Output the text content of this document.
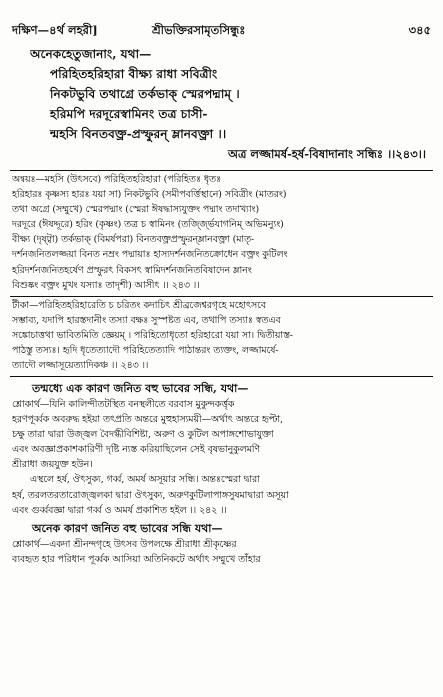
দক্ষিণ—৪র্থ লহরী]	শ্রীভক্তিরসামৃতসিন্ধুঃ	৩৪৫
অনেকহেতুজানাং, যথা—
পরিহিতহরিহারা বীক্ষ্য রাধা সবিত্রীং
নিকটভুবি তথাগ্রে তর্কভাক্ স্মেরপদ্মাম্ ।
হরিমপি দরদূরেস্বামিনং তত্র চাসী-
ন্মহসি বিনতবক্ত্র-প্রস্ফুরন্ ম্লানবক্ত্রা ।।
অত্র লজ্জামর্ষ-হর্ষ-বিষাদানাং সন্ধিঃ ।।২৪৩।।
অন্বয়ঃ—মহসি (উৎসবে) পরিহিতহরিহারা (পরিহিতঃ ধৃতঃ
হরিহারঃ কৃষ্ণস্য হারঃ যয়া সা) নিকটভুবি (সমীপবর্ত্তিস্থানে) সবিত্রীং (মাতরং)
তথা অগ্রে (সম্মুখে) স্মেরপদ্মাং (স্মেরা ঈষদ্ধাস্যযুক্তং পদ্মাং তদাখ্যাং)
দরদূরে (ঈষদ্দূরে) হরিং (কৃষ্ণং) তত্র চ স্বামিনং (তর্জ্জ্ভিযাগনিম্ অভিমন্যুং)
বীক্ষ্য (দৃষ্ট্বা) তর্কভাক্ (বিমর্ষপরা) বিনতবক্ত্রপ্রস্ফুরন্‌ম্লানবক্ত্রা (মাতৃ-
দর্শনজনিতলজ্জয়া বিনত নম্রং পদ্মায়াঃ হাস্যদর্শনজনিতক্রোধেন বক্ত্রং কুটিলং
হরিদর্শনজনিতহর্ষেণ প্রস্ফুরৎ বিকসৎ স্বামিদর্শনজনিতবিষাদেন ম্লানং
বিশুষ্কং বক্ত্রং মুখং যস্যাঃ তাদৃশী) আসীৎ ।। ২৪৩ ।।
টীকা—পরিহিতহরিহারেতি চ চরিতং কদাচিৎ শ্রীব্রজেশ্বরগৃহে মহোৎসবে
সম্ভাব্য, যদাপি হারস্তদানীং তস্যা বক্ষঃ সুস্পষ্টত এব, তথাপি তস্যাঃ স্বতএব
সঙ্কোচাত্তথা ভাবিতমিতি জ্ঞেয়ম্ । পরিহিতোধৃতো হরিহারো যয়া সা। দ্বিতীয়াস্ত-
পাঠস্তু তস্যঃ। হৃদি ধৃতেত্যাদৌ পরিহিতেত্যাদি পাঠান্তরং ত্যক্তং, লজ্জামর্ষে-
ত্যাদৌ লজ্জাসূয়েত্যাদিকঞ্চ ।। ২৪৩ ।।
তন্মধ্যে এক কারণ জনিত বহু ভাবের সন্ধি, যথা—
শ্লোকার্থ—যিনি কালিন্দীতটস্থিত বনস্থলীতে বরবাস মুকুন্দকর্ত্তৃক
হরণপূর্ব্বক অবরুদ্ধ হইয়া তৎপ্রতি অন্তরে মুহুহাস্যময়ী—অর্থাৎ অন্তরে হৃপ্টা,
চক্ষু তারা দ্বারা উজ্জ্বল বৈদগ্ধীবিশিষ্টা, অরুণ ও কুটিল অপাঙ্গশোভাযুক্তা
এবং অবজ্ঞাপ্রকাশকারিণী দৃষ্টি ন্যস্ত করিয়াছিলেন সেই বৃষভানুকুলমণি
শ্রীরাধা জয়যুক্ত হউন।
এস্থলে হর্ষ, ঔৎসুক্য, গর্ব্ব, অমর্ষ অসূয়ার সন্ধি। অন্তঃস্মেরা দ্বারা
হর্ষ, তরলতরতারোজ্জ্বলকা দ্বারা ঔৎসুক্য, অরুণকুটিলাপাঙ্গসুষমাদ্বারা অসূয়া
এবং গুর্ব্ববজ্ঞা দ্বারা গর্ব্ব ও অমর্ষ প্রকাশিত হইল ।। ২৪২ ।।
অনেক কারণ জনিত বহু ভাবের সন্ধি যথা—
শ্লোকার্থ—একদা শ্রীনন্দগৃহে উৎসব উপলক্ষে শ্রীরাধা শ্রীকৃষ্ণের
ব্যবহৃত হার পরিধান পূর্ব্বক আসিয়া অতিনিকটে অর্থাৎ সম্মুখে তাঁহার
